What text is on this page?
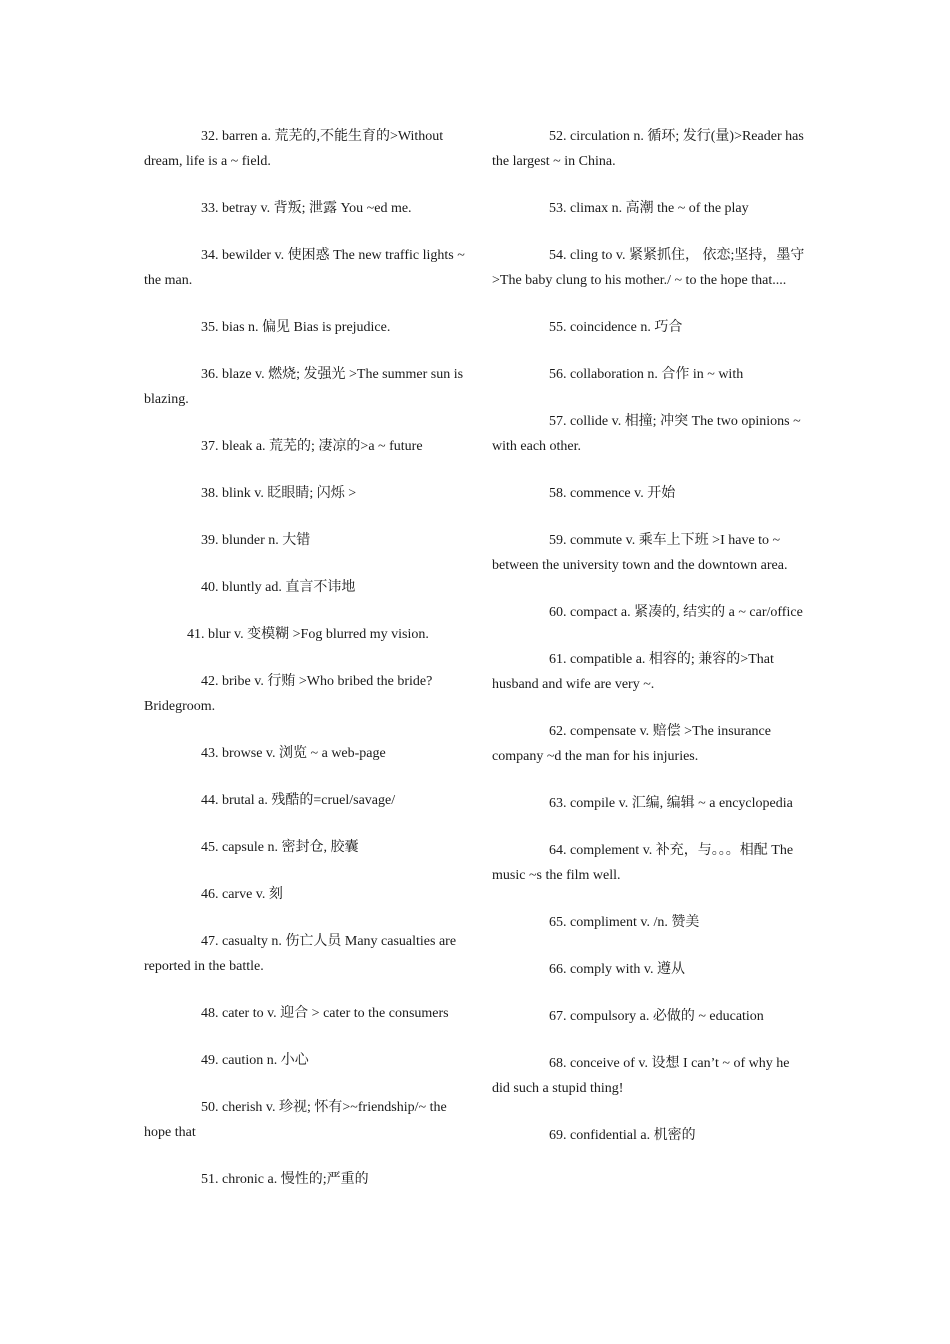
32. barren a. 荒芜的,不能生育的>Without dream, life is a ~ field.

33. betray v. 背叛; 泄露 You ~ed me.

34. bewilder v. 使困惑 The new traffic lights ~ the man.

35. bias n. 偏见 Bias is prejudice.

36. blaze v. 燃烧; 发强光 >The summer sun is blazing.

37. bleak a. 荒芜的; 凄凉的>a ~ future

38. blink v. 眨眼睛; 闪烁 >

39. blunder n. 大错

40. bluntly ad. 直言不讳地

41. blur v. 变模糊 >Fog blurred my vision.

42. bribe v. 行贿 >Who bribed the bride? Bridegroom.

43. browse v. 浏览 ~ a web-page

44. brutal a. 残酷的=cruel/savage/

45. capsule n. 密封仓, 胶囊

46. carve v. 刻

47. casualty n. 伤亡人员 Many casualties are reported in the battle.

48. cater to v. 迎合 > cater to the consumers

49. caution n. 小心

50. cherish v. 珍视; 怀有>~friendship/~ the hope that

51. chronic a. 慢性的;严重的

52. circulation n. 循环; 发行(量)>Reader has the largest ~ in China.

53. climax n. 高潮 the ~ of the play

54. cling to v. 紧紧抓住， 依恋;坚持，墨守>The baby clung to his mother./ ~ to the hope that....

55. coincidence n. 巧合

56. collaboration n. 合作 in ~ with

57. collide v. 相撞; 冲突 The two opinions ~ with each other.

58. commence v. 开始

59. commute v. 乘车上下班 >I have to ~ between the university town and the downtown area.

60. compact a. 紧凑的, 结实的 a ~ car/office

61. compatible a. 相容的; 兼容的>That husband and wife are very ~.

62. compensate v. 赔偿 >The insurance company ~d the man for his injuries.

63. compile v. 汇编, 编辑 ~ a encyclopedia

64. complement v. 补充，与。。。相配 The music ~s the film well.

65. compliment v. /n. 赞美

66. comply with v. 遵从

67. compulsory a. 必做的 ~ education

68. conceive of v. 设想 I can’t ~ of why he did such a stupid thing!

69. confidential a. 机密的
